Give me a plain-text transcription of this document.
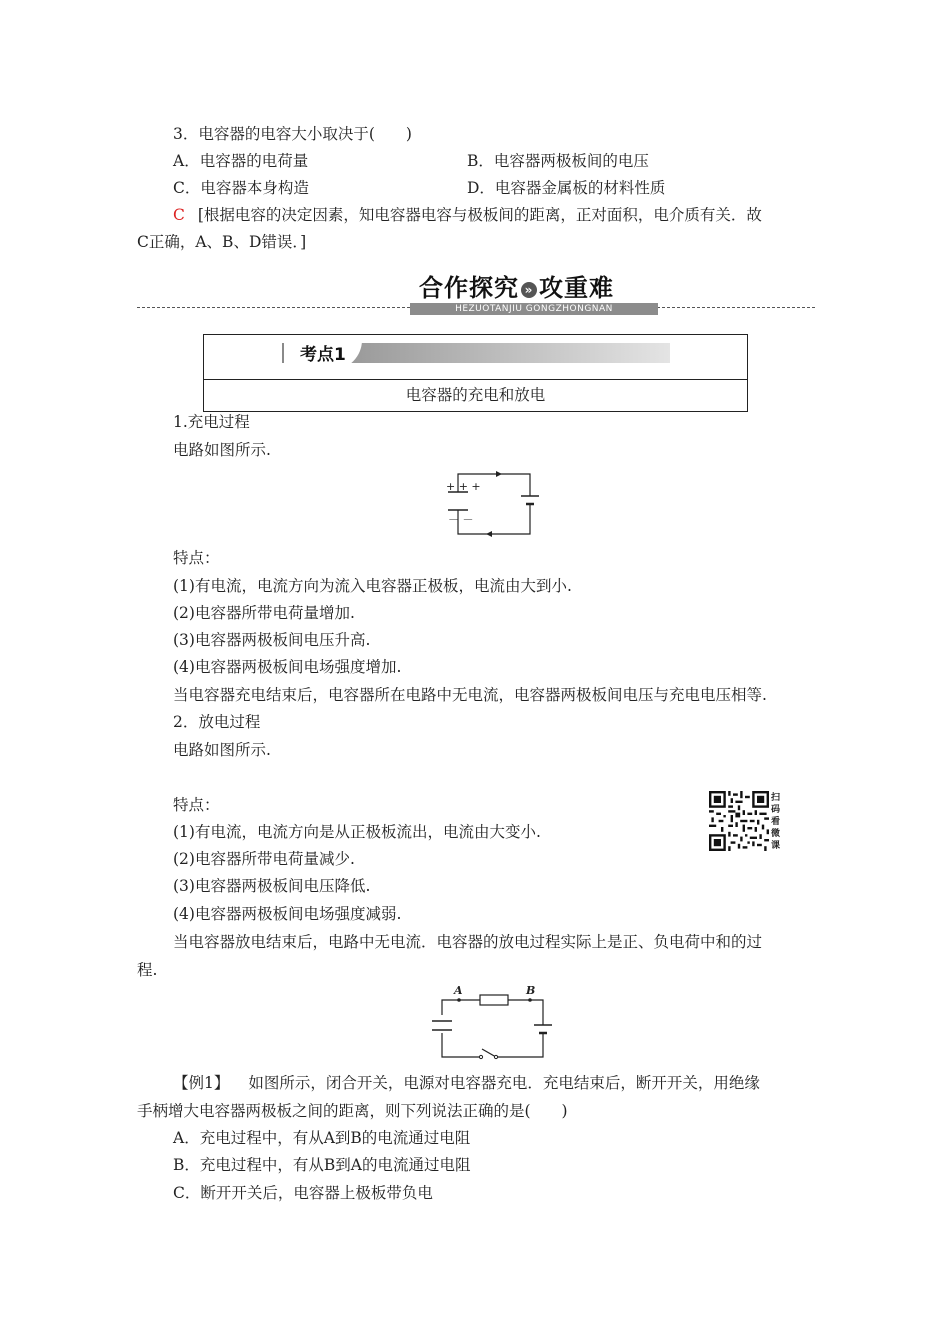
3．电容器的电容大小取决于(　　)
A．电容器的电荷量	B．电容器两极板间的电压
C．电容器本身构造	D．电容器金属板的材料性质
C [根据电容的决定因素，知电容器电容与极板间的距离，正对面积，电介质有关．故
C正确，A、B、D错误．]
合作探究 » 攻重难
HEZUOTANJIU GONGZHONGNAN
考点1
电容器的充电和放电
1.充电过程
电路如图所示.
+ + +
－ －
特点：
(1)有电流，电流方向为流入电容器正极板，电流由大到小.
(2)电容器所带电荷量增加.
(3)电容器两极板间电压升高.
(4)电容器两极板间电场强度增加.
当电容器充电结束后，电容器所在电路中无电流，电容器两极板间电压与充电电压相等.
2．放电过程
电路如图所示.
特点：	扫码看微课
(1)有电流，电流方向是从正极板流出，电流由大变小.
(2)电容器所带电荷量减少.
(3)电容器两极板间电压降低.
(4)电容器两极板间电场强度减弱.
当电容器放电结束后，电路中无电流．电容器的放电过程实际上是正、负电荷中和的过
程.
A	B
【例1】 如图所示，闭合开关，电源对电容器充电．充电结束后，断开开关，用绝缘
手柄增大电容器两极板之间的距离，则下列说法正确的是(　　)
A．充电过程中，有从A到B的电流通过电阻
B．充电过程中，有从B到A的电流通过电阻
C．断开开关后，电容器上极板带负电
